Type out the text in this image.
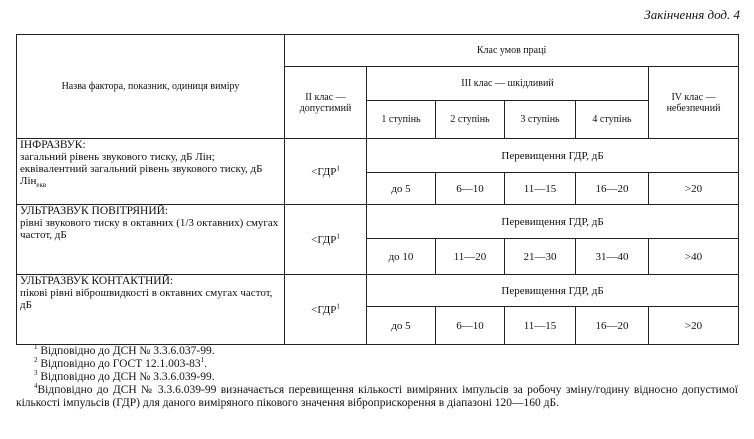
Закінчення дод. 4
Назва фактора, показник, одиниця виміру	Клас умов праці					
	II клас — допустимий	III клас — шкідливий				IV клас — небезпечний
		1 ступінь	2 ступінь	3 ступінь	4 ступінь	

ІНФРАЗВУК:
загальний рівень звукового тиску, дБ Лін; еквівалентний загальний рівень звукового тиску, дБ Лін$_{екв}$	$<ГДР^1$	Перевищення ГДР, дБ				
		до 5	6—10	11—15	16—20	>20

УЛЬТРАЗВУК ПОВІТРЯНИЙ:
рівні звукового тиску в октавних (1/3 октавних) смугах частот, дБ	$<ГДР^1$	Перевищення ГДР, дБ				
		до 10	11—20	21—30	31—40	>40

УЛЬТРАЗВУК КОНТАКТНИЙ:
пікові рівні віброшвидкості в октавних смугах частот, дБ	$<ГДР^1$	Перевищення ГДР, дБ				
		до 5	6—10	11—15	16—20	>20

$^1$ Відповідно до ДСН № 3.3.6.037-99.

$^2$ Відповідно до ГОСТ $12.1.003-83^1$.

$^3$ Відповідно до ДСН № 3.3.6.039-99.

$^4$Відповідно до ДСН № 3.3.6.039-99 визначається перевищення кількості виміряних імпульсів за робочу зміну/годину відносно допустимої кількості імпульсів (ГДР) для даного виміряного пікового значення віброприскорення в діапазоні 120—160 дБ.
